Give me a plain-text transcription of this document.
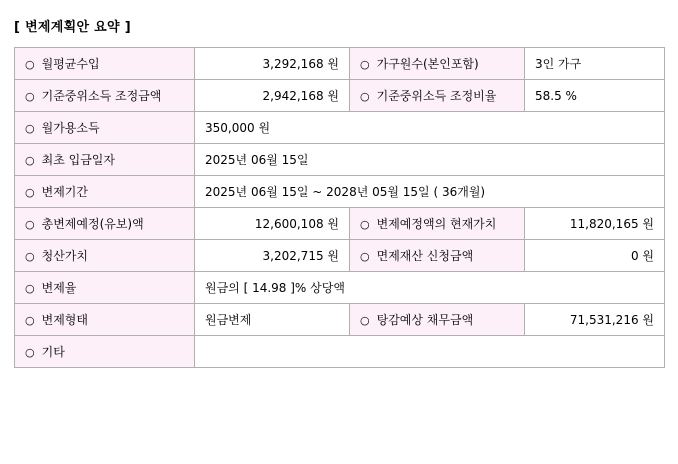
[ 변제계획안 요약 ]
○ 월평균수입	3,292,168 원	○ 가구원수(본인포함)	3인 가구
○ 기준중위소득 조정금액	2,942,168 원	○ 기준중위소득 조정비율	58.5 %
○ 월가용소득	350,000 원		
○ 최초 입금일자	2025년 06월 15일		
○ 변제기간	2025년 06월 15일 ~ 2028년 05월 15일 ( 36개월)		
○ 총변제예정(유보)액	12,600,108 원	○ 변제예정액의 현재가치	11,820,165 원
○ 청산가치	3,202,715 원	○ 면제재산 신청금액	0 원
○ 변제율	원금의 [ 14.98 ]% 상당액		
○ 변제형태	원금변제	○ 탕감예상 채무금액	71,531,216 원
○ 기타			
